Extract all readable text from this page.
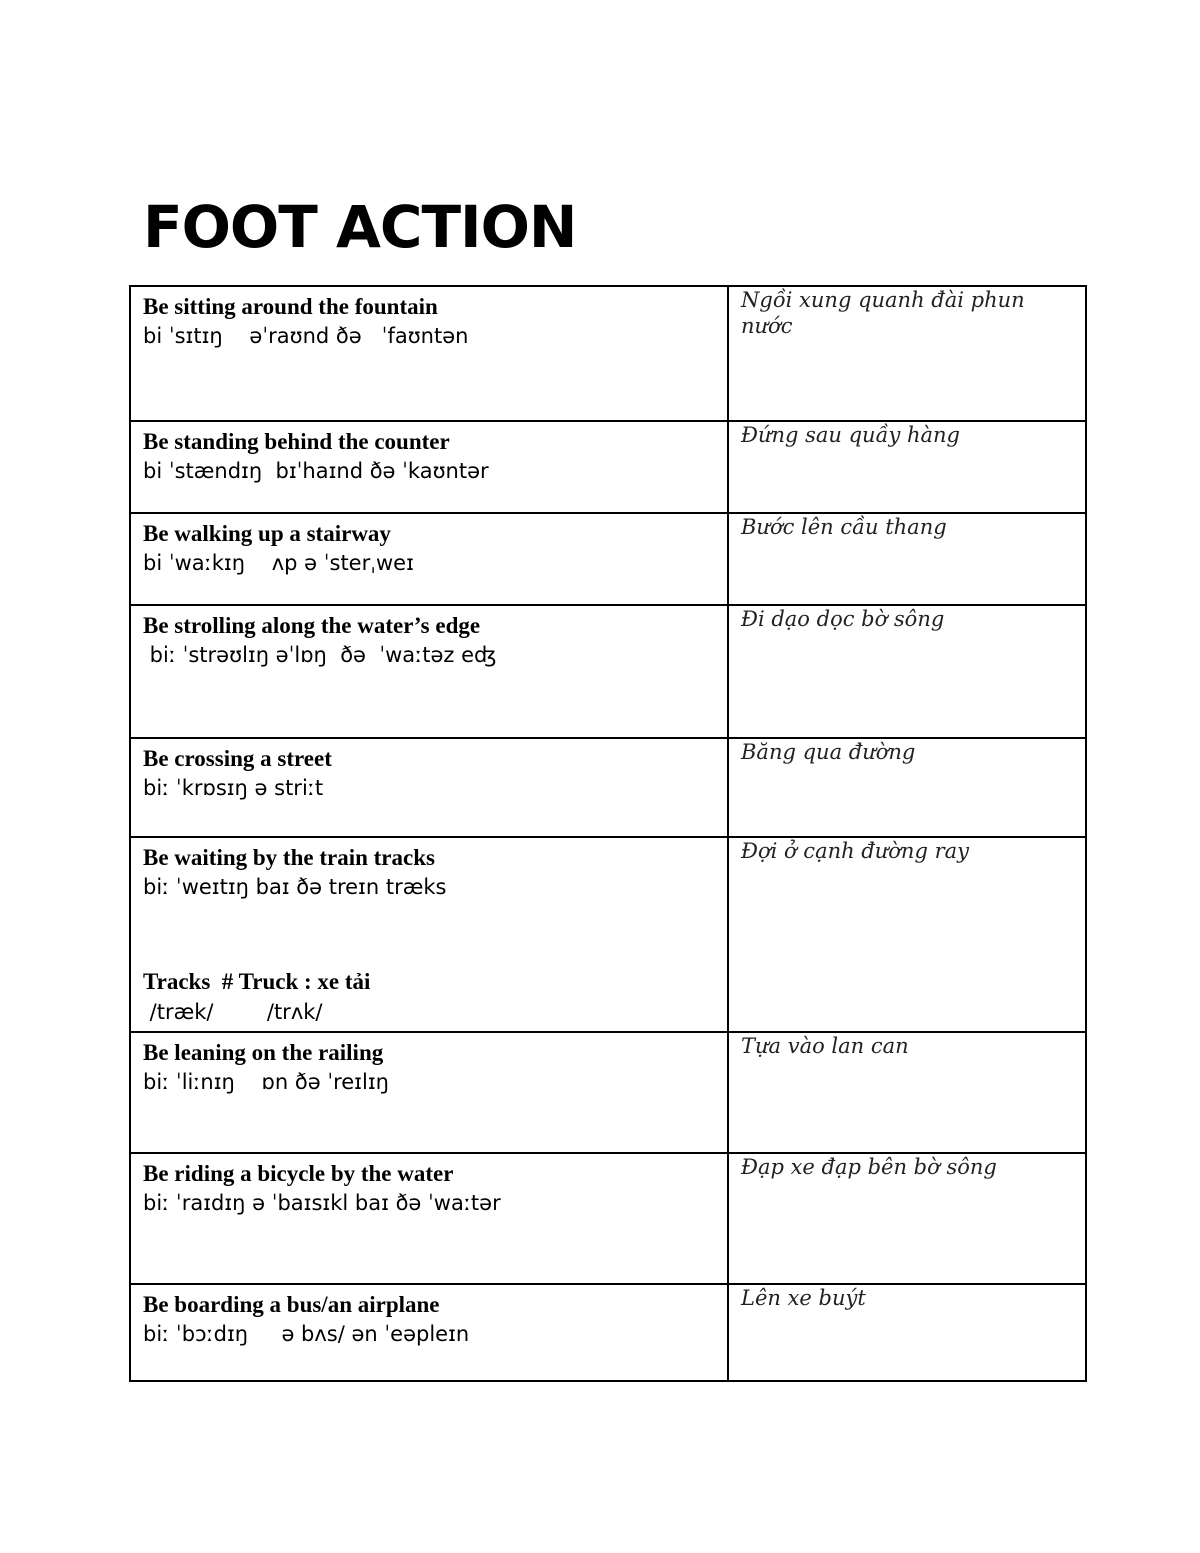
FOOT ACTION
Be sitting around the fountain
bi ˈsɪtɪŋ    əˈraʊnd ðə   ˈfaʊntən	Ngồi xung quanh đài phun nước

Be standing behind the counter
bi ˈstændɪŋ  bɪˈhaɪnd ðə ˈkaʊntər	Đứng sau quầy hàng

Be walking up a stairway
bi ˈwaːkɪŋ    ʌp ə ˈsterˌweɪ	Bước lên cầu thang

Be strolling along the water’s edge
biː ˈstrəʊlɪŋ əˈlɒŋ  ðə  ˈwaːtəz eʤ	Đi dạo dọc bờ sông

Be crossing a street
biː ˈkrɒsɪŋ ə striːt	Băng qua đường

Be waiting by the train tracks
biː ˈweɪtɪŋ baɪ ðə treɪn træks
Tracks  # Truck : xe tải
/træk/        /trʌk/	Đợi ở cạnh đường ray

Be leaning on the railing
biː ˈliːnɪŋ    ɒn ðə ˈreɪlɪŋ	Tựa vào lan can

Be riding a bicycle by the water
biː ˈraɪdɪŋ ə ˈbaɪsɪkl baɪ ðə ˈwaːtər	Đạp xe đạp bên bờ sông

Be boarding a bus/an airplane
biː ˈbɔːdɪŋ     ə bʌs/ ən ˈeəpleɪn	Lên xe buýt
